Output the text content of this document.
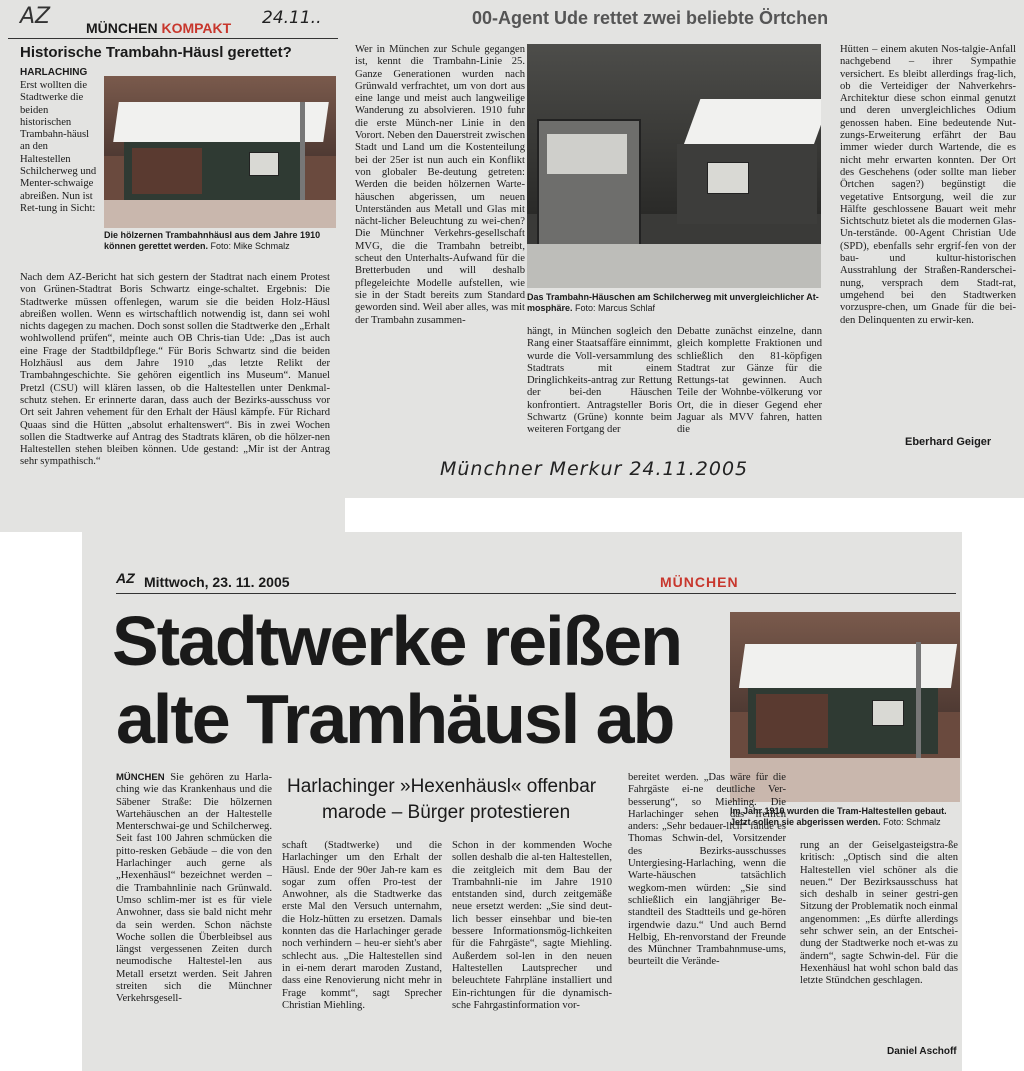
AZ	MÜNCHEN KOMPAKT 24.11..
Historische Trambahn-Häusl gerettet?
HARLACHING
Erst wollten die Stadtwerke die beiden historischen Trambahn-häusl an den Haltestellen Schilcherweg und Menter-schwaige abreißen. Nun ist Ret-tung in Sicht:
Die hölzernen Trambahnhäusl aus dem Jahre 1910 können gerettet werden. Foto: Mike Schmalz
Nach dem AZ-Bericht hat sich gestern der Stadtrat nach einem Protest von Grünen-Stadtrat Boris Schwartz einge-schaltet. Ergebnis: Die Stadtwerke müssen offenlegen, warum sie die beiden Holz-Häusl abreißen wollen. Wenn es wirtschaftlich notwendig ist, dann sei wohl nichts dagegen zu machen. Doch sonst sollen die Stadtwerke den „Erhalt wohlwollend prüfen“, meinte auch OB Chris-tian Ude: „Das ist auch eine Frage der Stadtbildpflege.“ Für Boris Schwartz sind die beiden Holzhäusl aus dem Jahre 1910 „das letzte Relikt der Trambahngeschichte. Sie gehören eigentlich ins Museum“. Manuel Pretzl (CSU) will klären lassen, ob die Haltestellen unter Denkmal-schutz stehen. Er erinnerte daran, dass auch der Bezirks-ausschuss vor Ort seit Jahren vehement für den Erhalt der Häusl kämpfe. Für Richard Quaas sind die Hütten „absolut erhaltenswert“. Bis in zwei Wochen sollen die Stadtwerke auf Antrag des Stadtrats klären, ob die hölzer-nen Haltestellen stehen bleiben können. Ude gestand: „Mir ist der Antrag sehr sympathisch.“
00-Agent Ude rettet zwei beliebte Örtchen
Wer in München zur Schule gegangen ist, kennt die Trambahn-Linie 25. Ganze Generationen wurden nach Grünwald verfrachtet, um von dort aus eine lange und meist auch langweilige Wanderung zu absolvieren. 1910 fuhr die erste Münch-ner Linie in den Vorort. Neben den Dauerstreit zwischen Stadt und Land um die Kostenteilung bei der 25er ist nun auch ein Konflikt von globaler Be-deutung getreten: Werden die beiden hölzernen Warte-häuschen abgerissen, um neuen Unterständen aus Metall und Glas mit nächt-licher Beleuchtung zu wei-chen? Die Münchner Verkehrs-gesellschaft MVG, die die Trambahn betreibt, scheut den Unterhalts-Aufwand für die Bretterbuden und will deshalb pflegeleichte Modelle aufstellen, wie sie in der Stadt bereits zum Standard geworden sind. Weil aber alles, was mit der Trambahn zusammen-
Das Trambahn-Häuschen am Schilcherweg mit unvergleichlicher At-mosphäre. Foto: Marcus Schlaf
hängt, in München sogleich den Rang einer Staatsaffäre einnimmt, wurde die Voll-versammlung des Stadtrats mit einem Dringlichkeits-antrag zur Rettung der bei-den Häuschen konfrontiert. Antragsteller Boris Schwartz (Grüne) konnte beim weiteren Fortgang der
Debatte zunächst einzelne, dann gleich komplette Fraktionen und schließlich den 81-köpfigen Stadtrat zur Gänze für die Rettungs-tat gewinnen. Auch Teile der Wohnbe-völkerung vor Ort, die in dieser Gegend eher Jaguar als MVV fahren, hatten die
Hütten – einem akuten Nos-talgie-Anfall nachgebend – ihrer Sympathie versichert. Es bleibt allerdings frag-lich, ob die Verteidiger der Nahverkehrs-Architektur diese schon einmal genutzt und deren unvergleichliches Odium genossen haben. Eine bedeutende Nut-zungs-Erweiterung erfährt der Bau immer wieder durch Wartende, die es nicht mehr erwarten konnten. Der Ort des Geschehens (oder sollte man lieber Örtchen sagen?) begünstigt die vegetative Entsorgung, weil die zur Hälfte geschlossene Bauart weit mehr Sichtschutz bietet als die modernen Glas-Un-terstände. 00-Agent Christian Ude (SPD), ebenfalls sehr ergrif-fen von der bau- und kultur-historischen Ausstrahlung der Straßen-Randerschei-nung, versprach dem Stadt-rat, umgehend bei den Stadtwerken vorzuspre-chen, um Gnade für die bei-den Delinquenten zu erwir-ken.
Eberhard Geiger
Münchner Merkur 24.11.2005
AZ Mittwoch, 23. 11. 2005	MÜNCHEN
Stadtwerke reißen
alte Tramhäusl ab
Im Jahr 1910 wurden die Tram-Haltestellen gebaut. Jetzt sollen sie abgerissen werden. Foto: Schmalz
Harlachinger »Hexenhäusl« offenbar
marode – Bürger protestieren
MÜNCHEN Sie gehören zu Harla-ching wie das Krankenhaus und die Säbener Straße: Die hölzernen Wartehäuschen an der Haltestelle Menterschwai-ge und Schilcherweg. Seit fast 100 Jahren schmücken die pitto-resken Gebäude – die von den Harlachinger auch gerne als „Hexenhäusl“ bezeichnet werden – die Trambahnlinie nach Grünwald. Umso schlim-mer ist es für viele Anwohner, dass sie bald nicht mehr da sein werden. Schon nächste Woche sollen die Überbleibsel aus längst vergessenen Zeiten durch neumodische Haltestel-len aus Metall ersetzt werden. Seit Jahren streiten sich die Münchner Verkehrsgesell-
schaft (Stadtwerke) und die Harlachinger um den Erhalt der Häusl. Ende der 90er Jah-re kam es sogar zum offen Pro-test der Anwohner, als die Stadtwerke das erste Mal den Versuch unternahm, die Holz-hütten zu ersetzen. Damals konnten das die Harlachinger gerade noch verhindern – heu-er sieht's aber schlecht aus. „Die Haltestellen sind in ei-nem derart maroden Zustand, dass eine Renovierung nicht mehr in Frage kommt“, sagt Sprecher Christian Miehling.
Schon in der kommenden Woche sollen deshalb die al-ten Haltestellen, die zeitgleich mit dem Bau der Trambahnli-nie im Jahre 1910 entstanden sind, durch zeitgemäße neue ersetzt werden: „Sie sind deut-lich besser einsehbar und bie-ten bessere Informationsmög-lichkeiten für die Fahrgäste“, sagte Miehling. Außerdem sol-len in den neuen Haltestellen Lautsprecher und beleuchtete Fahrpläne installiert und Ein-richtungen für die dynamisch-sche Fahrgastinformation vor-
bereitet werden. „Das wäre für die Fahrgäste ei-ne deutliche Ver-besserung“, so Miehling. Die Harlachinger sehen das freilich anders: „Sehr bedauer-lich“ fände es Thomas Schwin-del, Vorsitzender des Bezirks-ausschusses Untergiesing-Harlaching, wenn die Warte-häuschen tatsächlich wegkom-men würden: „Sie sind schließlich ein langjähriger Be-standteil des Stadtteils und ge-hören irgendwie dazu.“ Und auch Bernd Helbig, Eh-renvorstand der Freunde des Münchner Trambahnmuse-ums, beurteilt die Verände-
rung an der Geiselgasteigstra-ße kritisch: „Optisch sind die alten Haltestellen viel schöner als die neuen.“ Der Bezirksausschuss hat sich deshalb in seiner gestri-gen Sitzung der Problematik noch einmal angenommen: „Es dürfte allerdings sehr schwer sein, an der Entschei-dung der Stadtwerke noch et-was zu ändern“, sagte Schwin-del. Für die Hexenhäusl hat wohl schon bald das letzte Stündchen geschlagen.
Daniel Aschoff
